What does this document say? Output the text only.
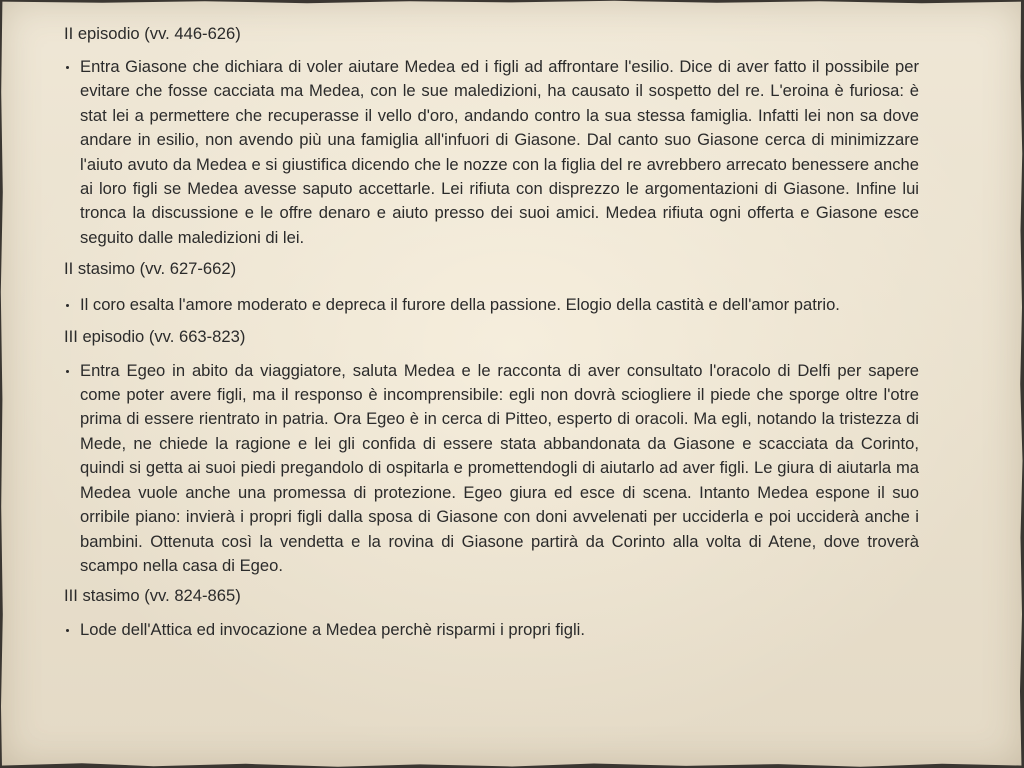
II episodio (vv. 446-626)

Entra Giasone che dichiara di voler aiutare Medea ed i figli ad affrontare l'esilio. Dice di aver fatto il possibile per evitare che fosse cacciata ma Medea, con le sue maledizioni, ha causato il sospetto del re. L'eroina è furiosa: è stat lei a permettere che recuperasse il vello d'oro, andando contro la sua stessa famiglia. Infatti lei non sa dove andare in esilio, non avendo più una famiglia all'infuori di Giasone. Dal canto suo Giasone cerca di minimizzare l'aiuto avuto da Medea e si giustifica dicendo che le nozze con la figlia del re avrebbero arrecato benessere anche ai loro figli se Medea avesse saputo accettarle. Lei rifiuta con disprezzo le argomentazioni di Giasone. Infine lui tronca la discussione e le offre denaro e aiuto presso dei suoi amici. Medea rifiuta ogni offerta e Giasone esce seguito dalle maledizioni di lei.

II stasimo (vv. 627-662)

Il coro esalta l'amore moderato e depreca il furore della passione. Elogio della castità e dell'amor patrio.

III episodio (vv. 663-823)

Entra Egeo in abito da viaggiatore, saluta Medea e le racconta di aver consultato l'oracolo di Delfi per sapere come poter avere figli, ma il responso è incomprensibile: egli non dovrà sciogliere il piede che sporge oltre l'otre prima di essere rientrato in patria. Ora Egeo è in cerca di Pitteo, esperto di oracoli. Ma egli, notando la tristezza di Mede, ne chiede la ragione e lei gli confida di essere stata abbandonata da Giasone e scacciata da Corinto, quindi si getta ai suoi piedi pregandolo di ospitarla e promettendogli di aiutarlo ad aver figli. Le giura di aiutarla ma Medea vuole anche una promessa di protezione. Egeo giura ed esce di scena. Intanto Medea espone il suo orribile piano: invierà i propri figli dalla sposa di Giasone con doni avvelenati per ucciderla e poi ucciderà anche i bambini. Ottenuta così la vendetta e la rovina di Giasone partirà da Corinto alla volta di Atene, dove troverà scampo nella casa di Egeo.

III stasimo (vv. 824-865)

Lode dell'Attica ed invocazione a Medea perchè risparmi i propri figli.
